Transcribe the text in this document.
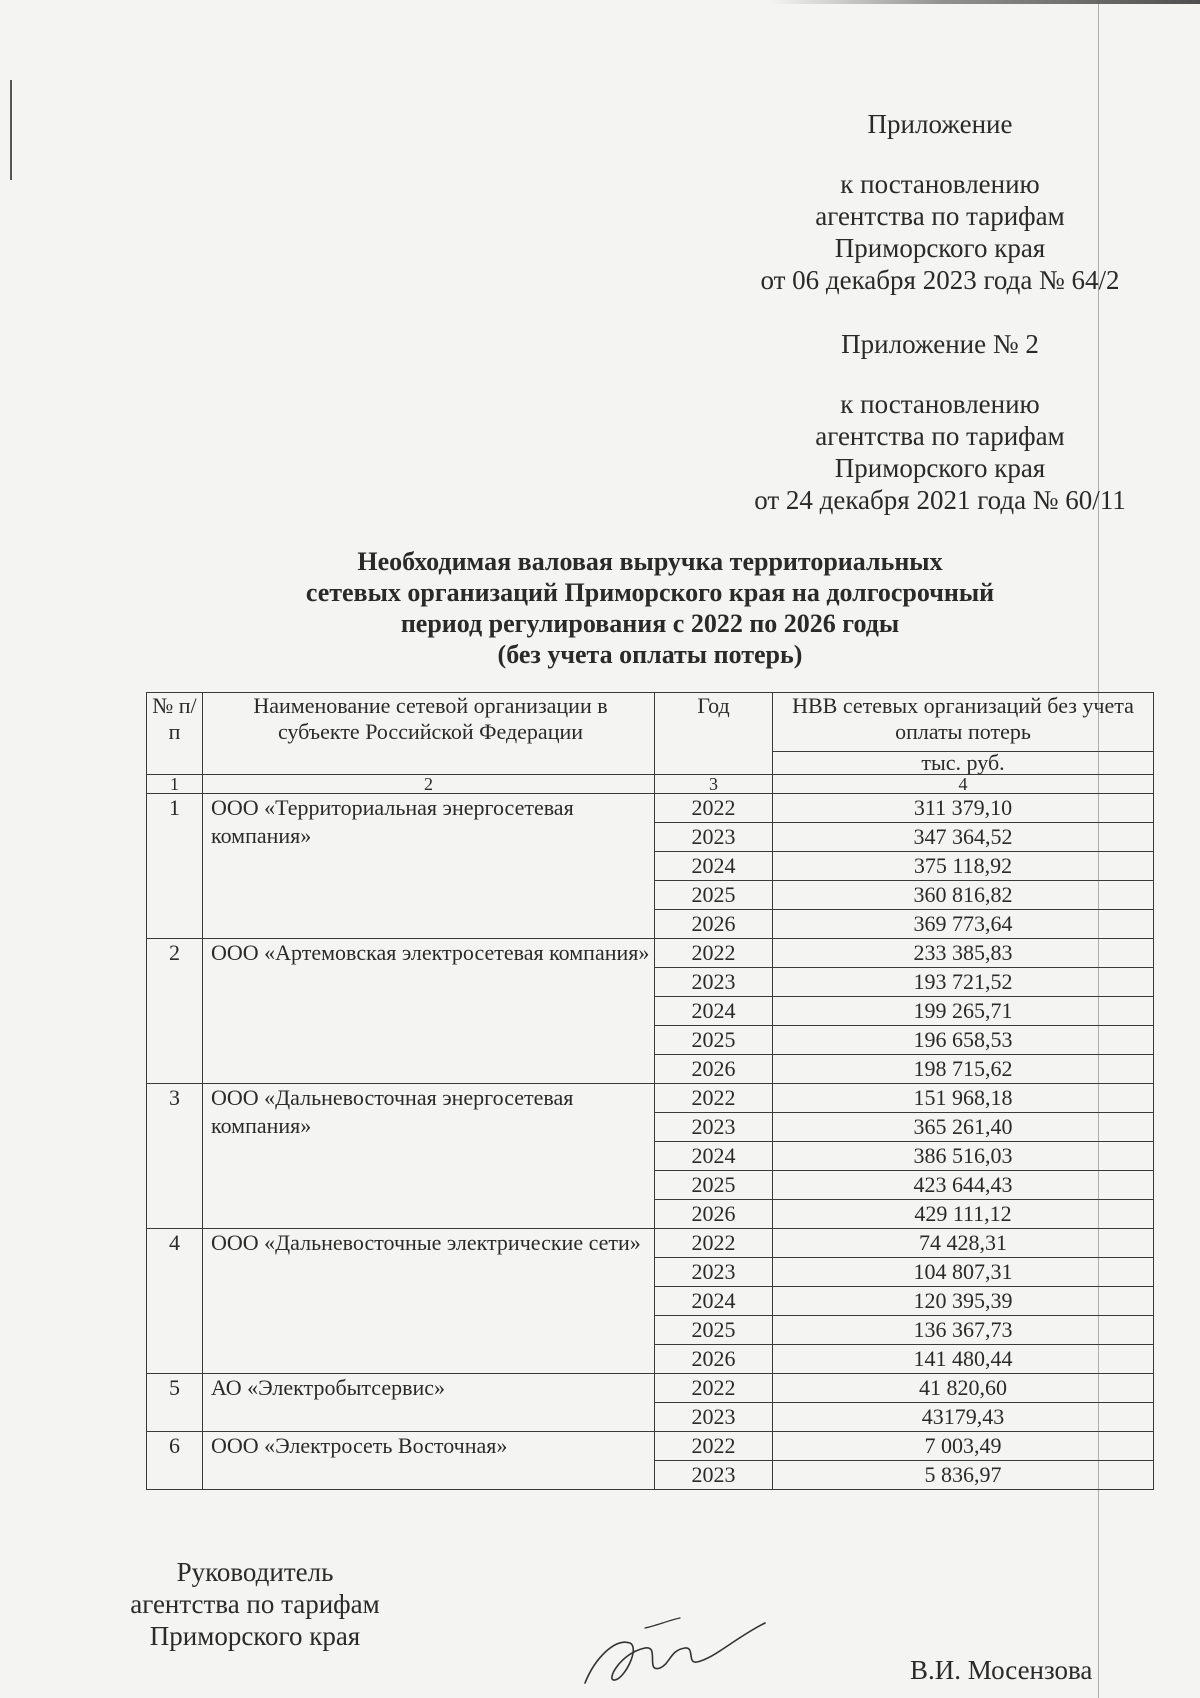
Приложение

к постановлению

агентства по тарифам

Приморского края

от 06 декабря 2023 года № 64/2

Приложение № 2

к постановлению

агентства по тарифам

Приморского края

от 24 декабря 2021 года № 60/11

Необходимая валовая выручка территориальных

сетевых организаций Приморского края на долгосрочный

период регулирования с 2022 по 2026 годы

(без учета оплаты потерь)

№ п/п	Наименование сетевой организации в субъекте Российской Федерации	Год	НВВ сетевых организаций без учета оплаты потерь
			тыс. руб.
1	2	3	4
1	ООО «Территориальная энергосетевая компания»	2022	311 379,10
		2023	347 364,52
		2024	375 118,92
		2025	360 816,82
		2026	369 773,64
2	ООО «Артемовская электросетевая компания»	2022	233 385,83
		2023	193 721,52
		2024	199 265,71
		2025	196 658,53
		2026	198 715,62
3	ООО «Дальневосточная энергосетевая компания»	2022	151 968,18
		2023	365 261,40
		2024	386 516,03
		2025	423 644,43
		2026	429 111,12
4	ООО «Дальневосточные электрические сети»	2022	74 428,31
		2023	104 807,31
		2024	120 395,39
		2025	136 367,73
		2026	141 480,44
5	АО «Электробытсервис»	2022	41 820,60
		2023	43179,43
6	ООО «Электросеть Восточная»	2022	7 003,49
		2023	5 836,97

Руководитель

агентства по тарифам

Приморского края

В.И. Мосензова
